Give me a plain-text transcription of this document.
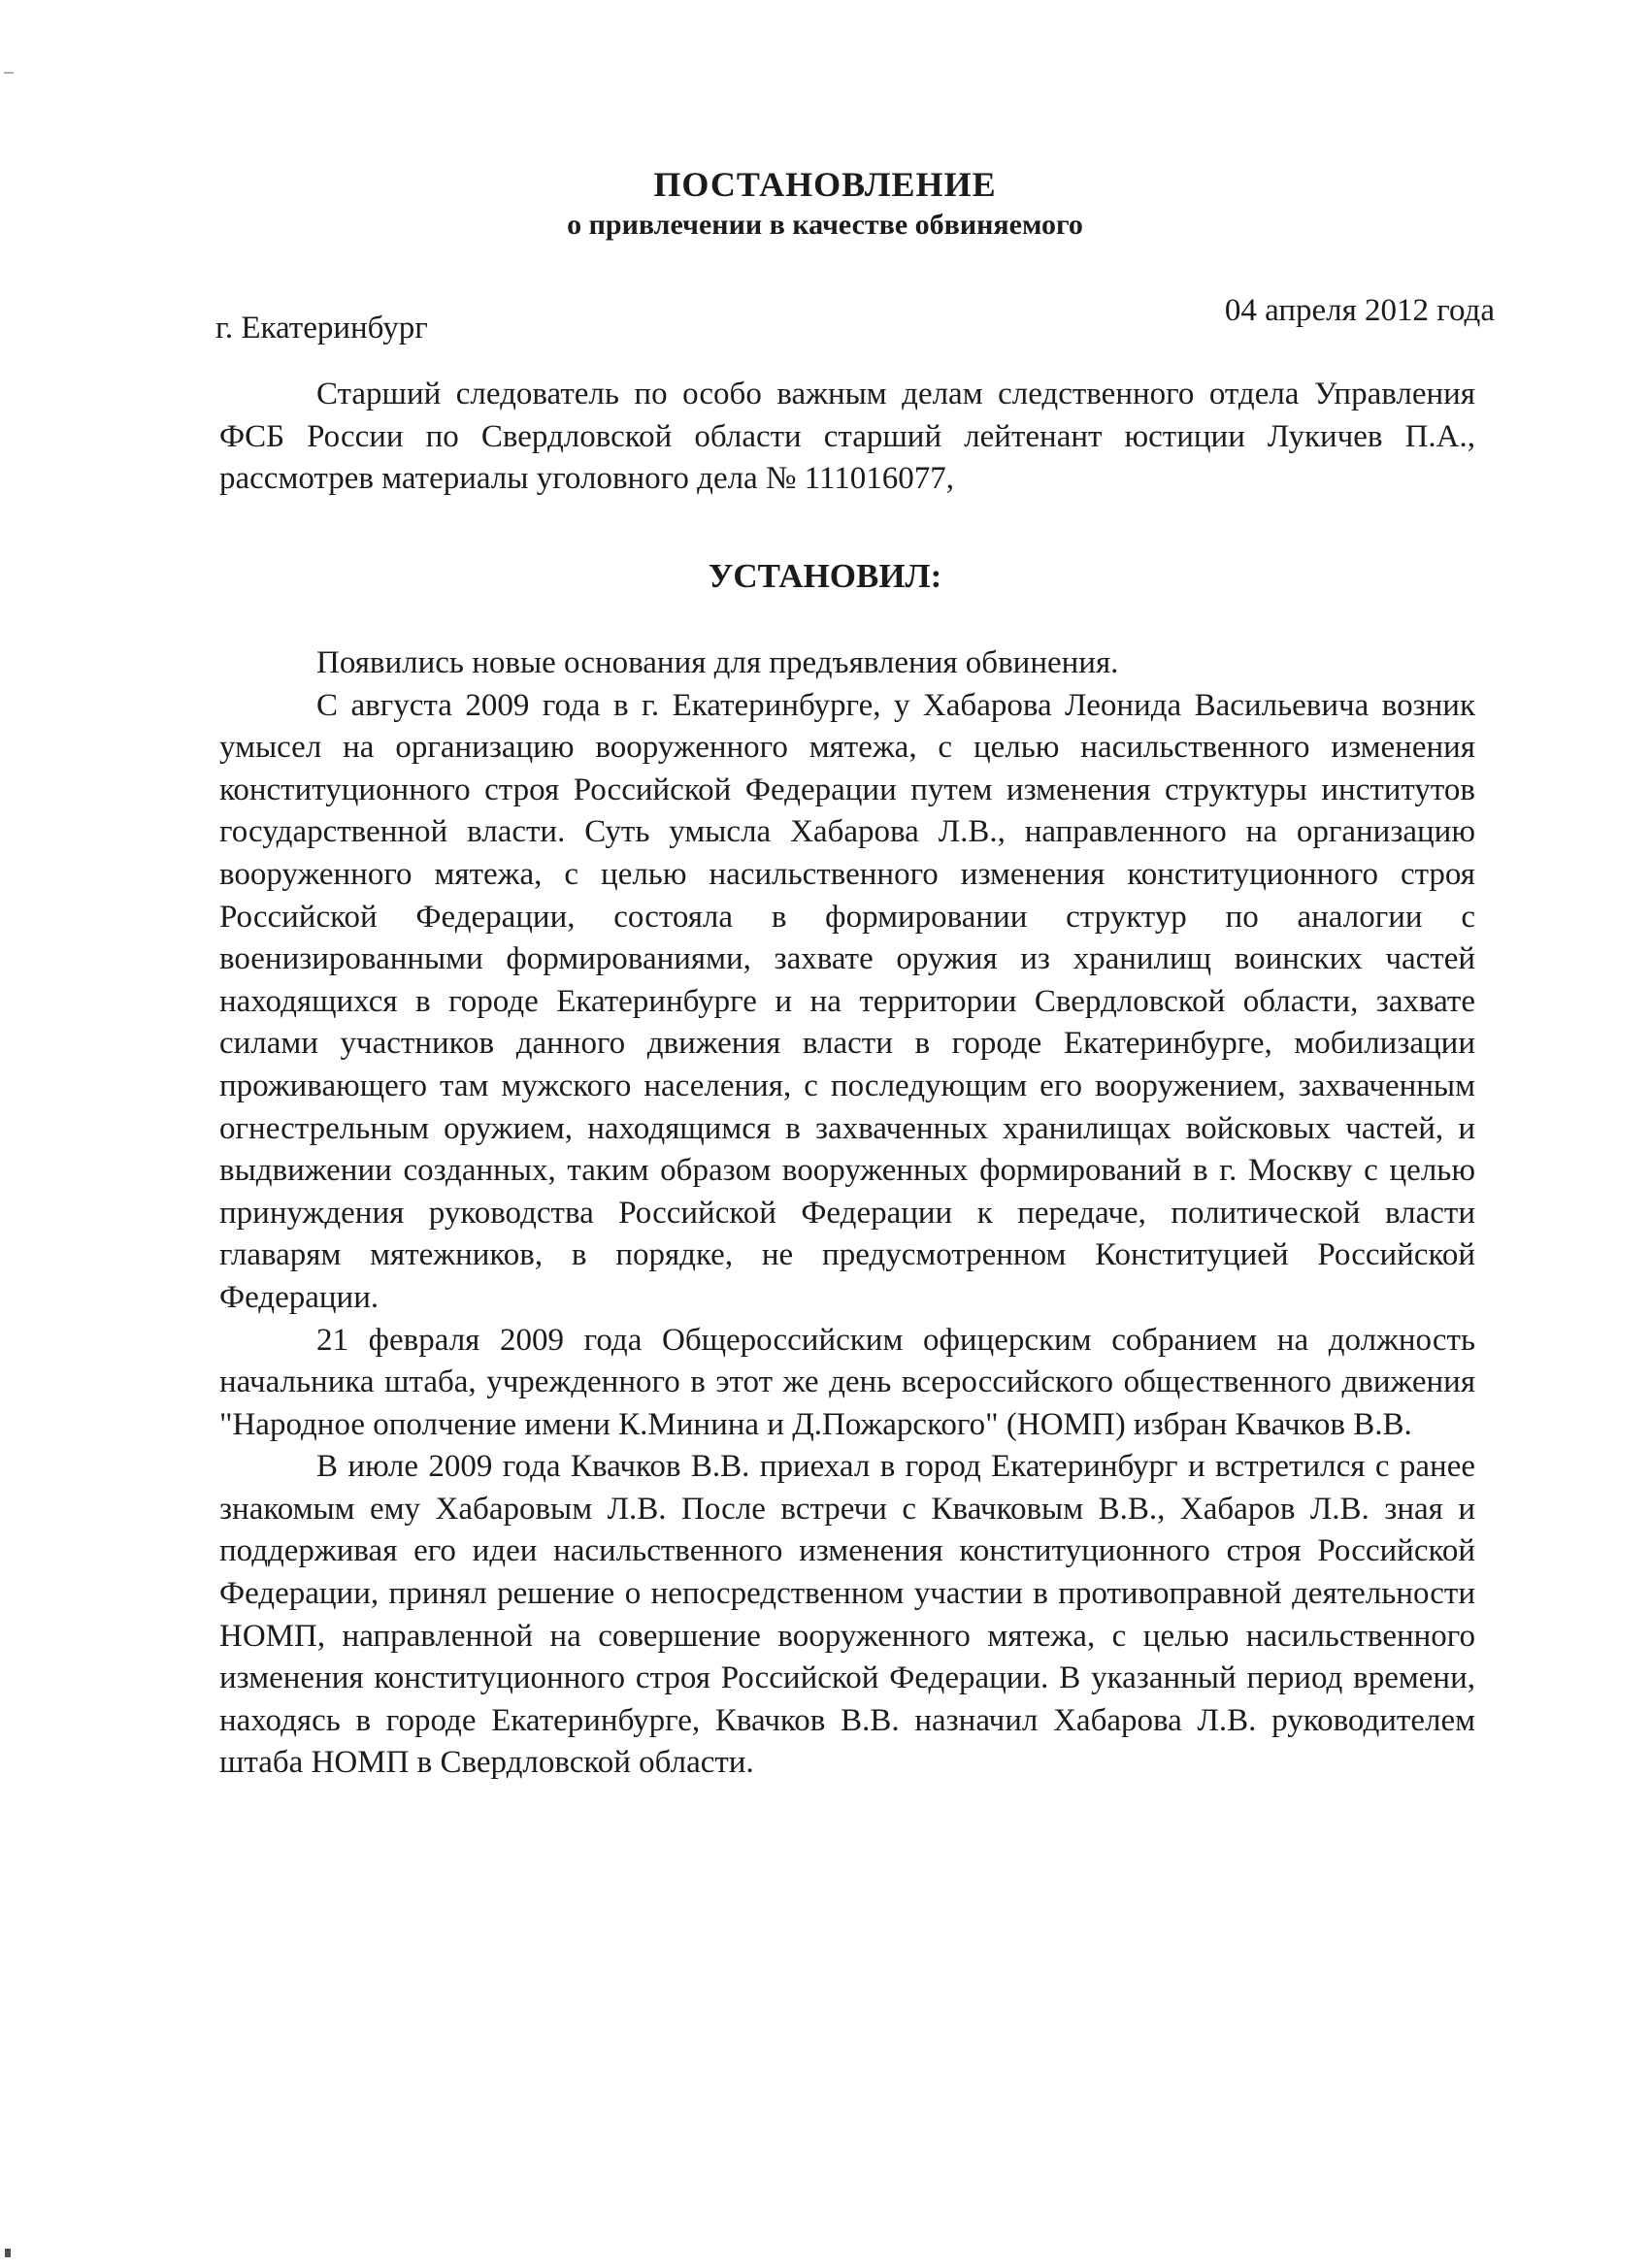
ПОСТАНОВЛЕНИЕ
о привлечении в качестве обвиняемого
г. Екатеринбург	04 апреля 2012 года

Старший следователь по особо важным делам следственного отдела Управления ФСБ России по Свердловской области старший лейтенант юстиции Лукичев П.А., рассмотрев материалы уголовного дела № 111016077,

УСТАНОВИЛ:

Появились новые основания для предъявления обвинения.

С августа 2009 года в г. Екатеринбурге, у Хабарова Леонида Васильевича возник умысел на организацию вооруженного мятежа, с целью насильственного изменения конституционного строя Российской Федерации путем изменения структуры институтов государственной власти. Суть умысла Хабарова Л.В., направленного на организацию вооруженного мятежа, с целью насильственного изменения конституционного строя Российской Федерации, состояла в формировании структур по аналогии с военизированными формированиями, захвате оружия из хранилищ воинских частей находящихся в городе Екатеринбурге и на территории Свердловской области, захвате силами участников данного движения власти в городе Екатеринбурге, мобилизации проживающего там мужского населения, с последующим его вооружением, захваченным огнестрельным оружием, находящимся в захваченных хранилищах войсковых частей, и выдвижении созданных, таким образом вооруженных формирований в г. Москву с целью принуждения руководства Российской Федерации к передаче, политической власти главарям мятежников, в порядке, не предусмотренном Конституцией Российской Федерации.

21 февраля 2009 года Общероссийским офицерским собранием на должность начальника штаба, учрежденного в этот же день всероссийского общественного движения "Народное ополчение имени К.Минина и Д.Пожарского" (НОМП) избран Квачков В.В.

В июле 2009 года Квачков В.В. приехал в город Екатеринбург и встретился с ранее знакомым ему Хабаровым Л.В. После встречи с Квачковым В.В., Хабаров Л.В. зная и поддерживая его идеи насильственного изменения конституционного строя Российской Федерации, принял решение о непосредственном участии в противоправной деятельности НОМП, направленной на совершение вооруженного мятежа, с целью насильственного изменения конституционного строя Российской Федерации. В указанный период времени, находясь в городе Екатеринбурге, Квачков В.В. назначил Хабарова Л.В. руководителем штаба НОМП в Свердловской области.
